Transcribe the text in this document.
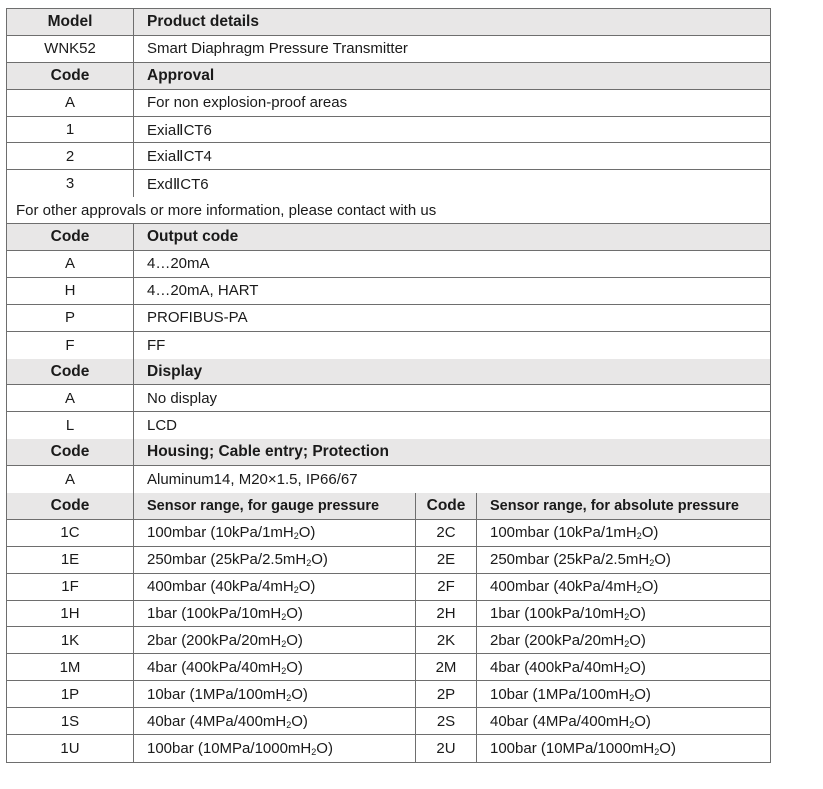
Model	Product details
WNK52	Smart Diaphragm Pressure Transmitter
Code	Approval
A	For non explosion-proof areas
1	ExiaⅡCT6
2	ExiaⅡCT4
3	ExdⅡCT6
For other approvals or more information, please contact with us
Code	Output code
A	4…20mA
H	4…20mA, HART
P	PROFIBUS-PA
F	FF
Code	Display
A	No display
L	LCD
Code	Housing; Cable entry; Protection
A	Aluminum14, M20×1.5, IP66/67
Code	Sensor range, for gauge pressure	Code	Sensor range, for absolute pressure
1C	100mbar $(10kPa/1mH_2O)$	2C	100mbar $(10kPa/1mH_2O)$
1E	250mbar $(25kPa/2.5mH_2O)$	2E	250mbar $(25kPa/2.5mH_2O)$
1F	400mbar $(40kPa/4mH_2O)$	2F	400mbar $(40kPa/4mH_2O)$
1H	1bar $(100kPa/10mH_2O)$	2H	1bar $(100kPa/10mH_2O)$
1K	2bar $(200kPa/20mH_2O)$	2K	2bar $(200kPa/20mH_2O)$
1M	4bar $(400kPa/40mH_2O)$	2M	4bar $(400kPa/40mH_2O)$
1P	10bar $(1MPa/100mH_2O)$	2P	10bar $(1MPa/100mH_2O)$
1S	40bar $(4MPa/400mH_2O)$	2S	40bar $(4MPa/400mH_2O)$
1U	100bar $(10MPa/1000mH_2O)$	2U	100bar $(10MPa/1000mH_2O)$
